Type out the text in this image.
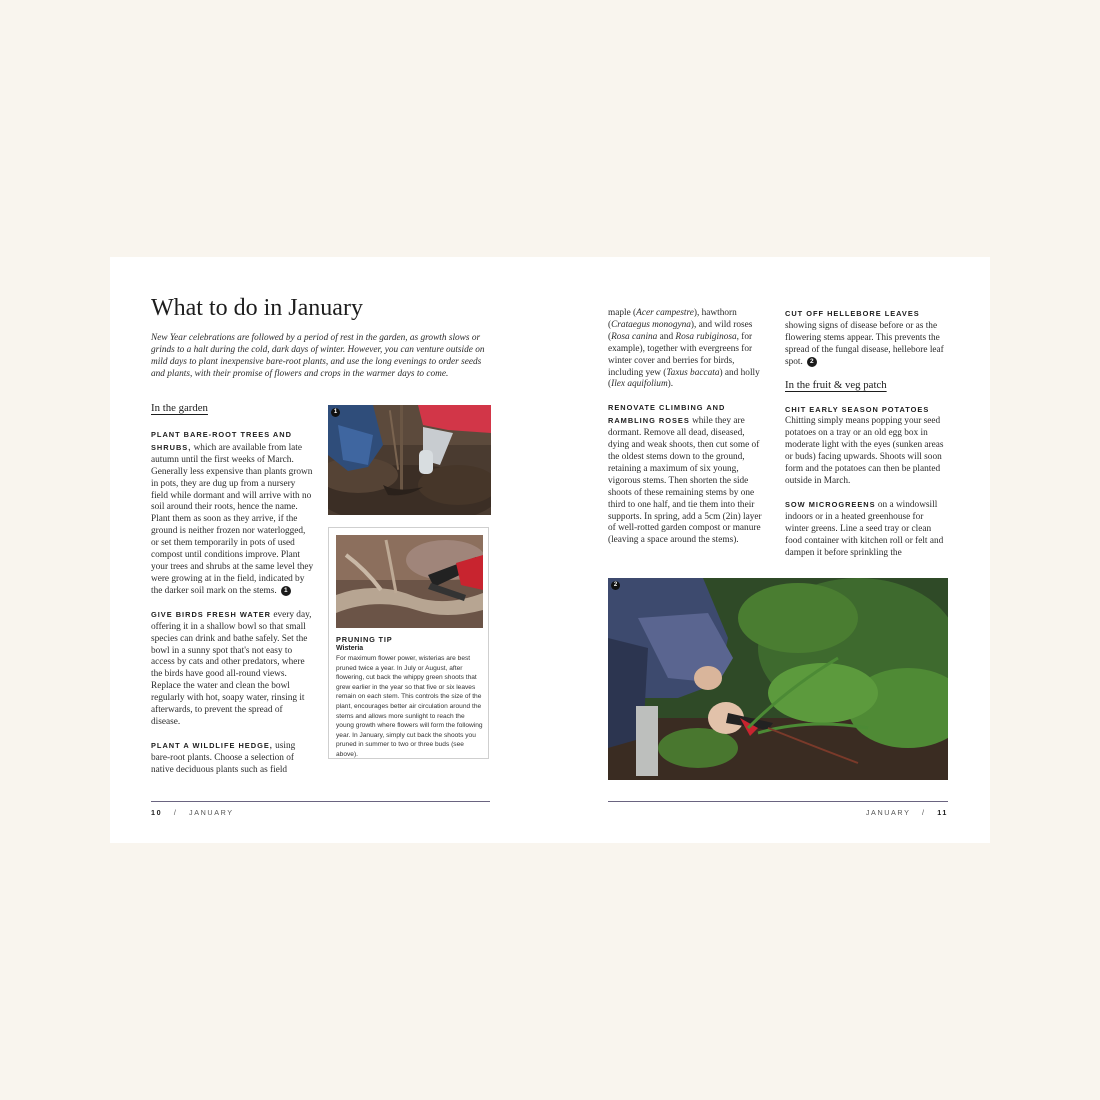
What to do in January

New Year celebrations are followed by a period of rest in the garden, as growth slows or grinds to a halt during the cold, dark days of winter. However, you can venture outside on mild days to plant inexpensive bare-root plants, and use the long evenings to order seeds and plants, with their promise of flowers and crops in the warmer days to come.

In the garden

PLANT BARE-ROOT TREES AND SHRUBS, which are available from late autumn until the first weeks of March. Generally less expensive than plants grown in pots, they are dug up from a nursery field while dormant and will arrive with no soil around their roots, hence the name. Plant them as soon as they arrive, if the ground is neither frozen nor waterlogged, or set them temporarily in pots of used compost until conditions improve. Plant your trees and shrubs at the same level they were growing at in the field, indicated by the darker soil mark on the stems. 1

GIVE BIRDS FRESH WATER every day, offering it in a shallow bowl so that small species can drink and bathe safely. Set the bowl in a sunny spot that's not easy to access by cats and other predators, where the birds have good all-round views. Replace the water and clean the bowl regularly with hot, soapy water, rinsing it afterwards, to prevent the spread of disease.

PLANT A WILDLIFE HEDGE, using bare-root plants. Choose a selection of native deciduous plants such as field

1
PRUNING TIP
Wisteria
For maximum flower power, wisterias are best pruned twice a year. In July or August, after flowering, cut back the whippy green shoots that grew earlier in the year so that five or six leaves remain on each stem. This controls the size of the plant, encourages better air circulation around the stems and allows more sunlight to reach the young growth where flowers will form the following year. In January, simply cut back the shoots you pruned in summer to two or three buds (see above).
10 / JANUARY

maple (Acer campestre), hawthorn (Crataegus monogyna), and wild roses (Rosa canina and Rosa rubiginosa, for example), together with evergreens for winter cover and berries for birds, including yew (Taxus baccata) and holly (Ilex aquifolium).

RENOVATE CLIMBING AND RAMBLING ROSES while they are dormant. Remove all dead, diseased, dying and weak shoots, then cut some of the oldest stems down to the ground, retaining a maximum of six young, vigorous stems. Then shorten the side shoots of these remaining stems by one third to one half, and tie them into their supports. In spring, add a 5cm (2in) layer of well-rotted garden compost or manure (leaving a space around the stems).

CUT OFF HELLEBORE LEAVES showing signs of disease before or as the flowering stems appear. This prevents the spread of the fungal disease, hellebore leaf spot. 2

In the fruit & veg patch

CHIT EARLY SEASON POTATOES Chitting simply means popping your seed potatoes on a tray or an old egg box in moderate light with the eyes (sunken areas or buds) facing upwards. Shoots will soon form and the potatoes can then be planted outside in March.

SOW MICROGREENS on a windowsill indoors or in a heated greenhouse for winter greens. Line a seed tray or clean food container with kitchen roll or felt and dampen it before sprinkling the

2
JANUARY / 11
